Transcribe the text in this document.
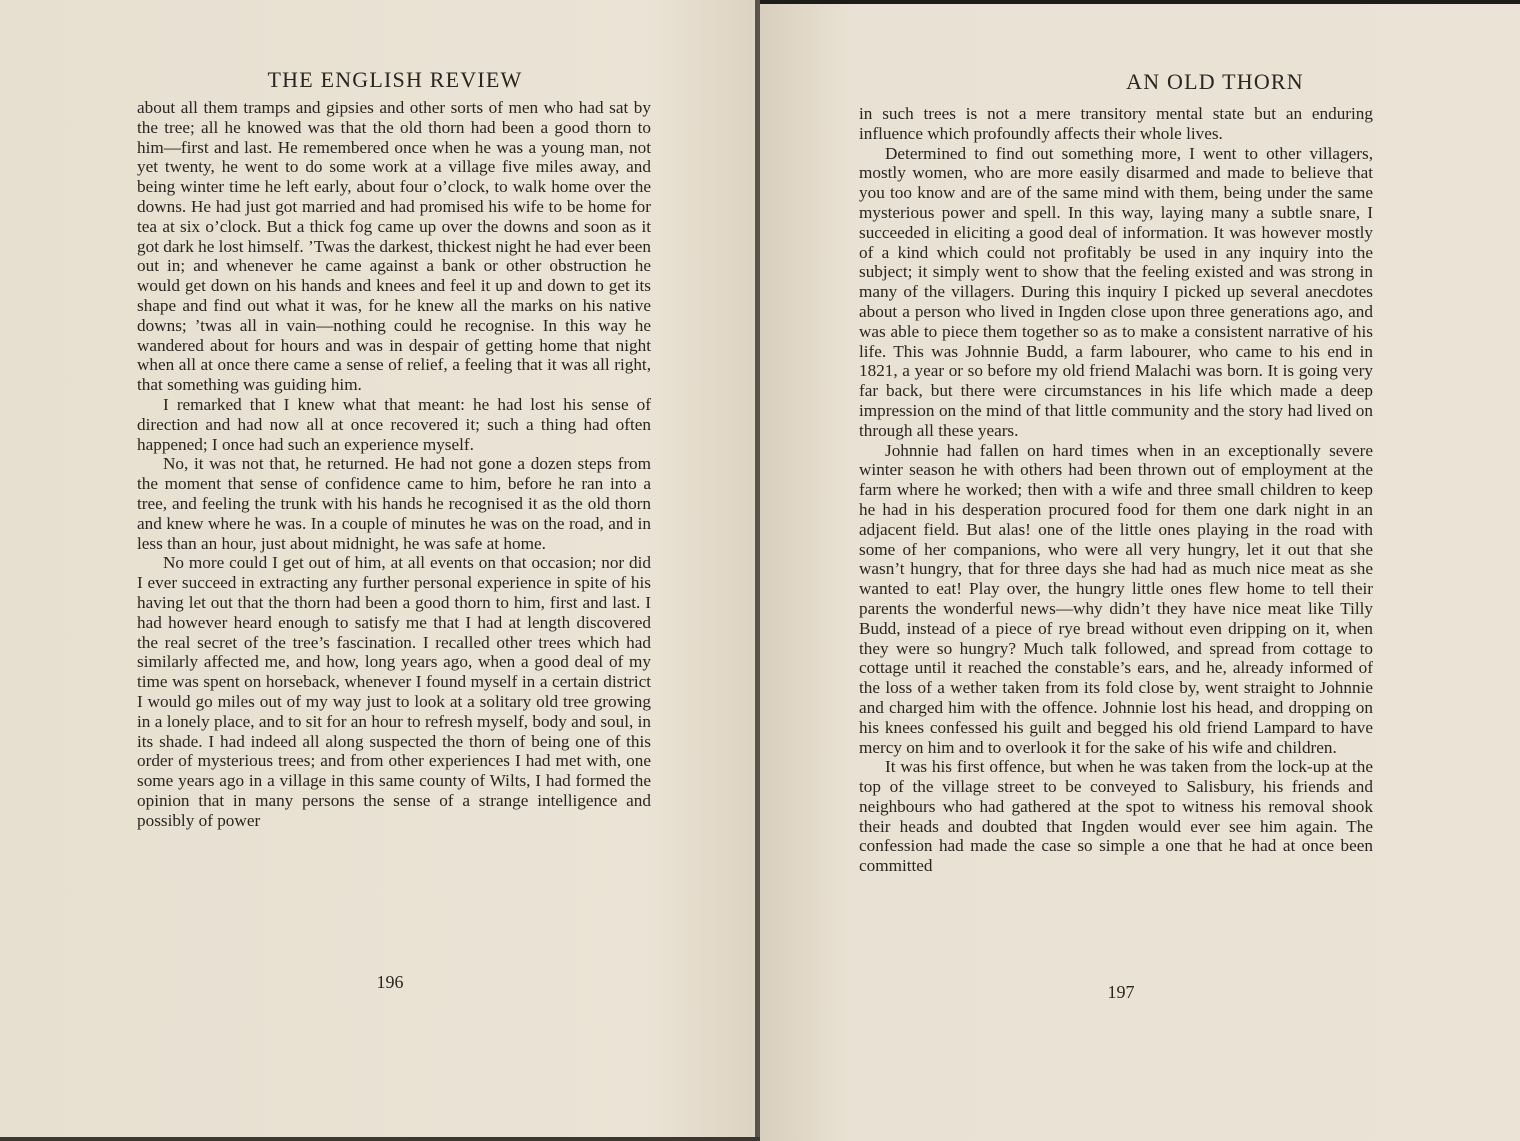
THE ENGLISH REVIEW

about all them tramps and gipsies and other sorts of men who had sat by the tree; all he knowed was that the old thorn had been a good thorn to him—first and last. He remembered once when he was a young man, not yet twenty, he went to do some work at a village five miles away, and being winter time he left early, about four o’clock, to walk home over the downs. He had just got married and had promised his wife to be home for tea at six o’clock. But a thick fog came up over the downs and soon as it got dark he lost himself. ’Twas the darkest, thickest night he had ever been out in; and whenever he came against a bank or other obstruction he would get down on his hands and knees and feel it up and down to get its shape and find out what it was, for he knew all the marks on his native downs; ’twas all in vain—nothing could he recognise. In this way he wandered about for hours and was in despair of getting home that night when all at once there came a sense of relief, a feeling that it was all right, that something was guiding him.

I remarked that I knew what that meant: he had lost his sense of direction and had now all at once recovered it; such a thing had often happened; I once had such an experience myself.

No, it was not that, he returned. He had not gone a dozen steps from the moment that sense of confidence came to him, before he ran into a tree, and feeling the trunk with his hands he recognised it as the old thorn and knew where he was. In a couple of minutes he was on the road, and in less than an hour, just about midnight, he was safe at home.

No more could I get out of him, at all events on that occasion; nor did I ever succeed in extracting any further personal experience in spite of his having let out that the thorn had been a good thorn to him, first and last. I had however heard enough to satisfy me that I had at length discovered the real secret of the tree’s fascination. I recalled other trees which had similarly affected me, and how, long years ago, when a good deal of my time was spent on horseback, whenever I found myself in a certain district I would go miles out of my way just to look at a solitary old tree growing in a lonely place, and to sit for an hour to refresh myself, body and soul, in its shade. I had indeed all along suspected the thorn of being one of this order of mysterious trees; and from other experiences I had met with, one some years ago in a village in this same county of Wilts, I had formed the opinion that in many persons the sense of a strange intelligence and possibly of power

196
AN OLD THORN

in such trees is not a mere transitory mental state but an enduring influence which profoundly affects their whole lives.

Determined to find out something more, I went to other villagers, mostly women, who are more easily disarmed and made to believe that you too know and are of the same mind with them, being under the same mysterious power and spell. In this way, laying many a subtle snare, I succeeded in eliciting a good deal of information. It was however mostly of a kind which could not profitably be used in any inquiry into the subject; it simply went to show that the feeling existed and was strong in many of the villagers. During this inquiry I picked up several anecdotes about a person who lived in Ingden close upon three generations ago, and was able to piece them together so as to make a consistent narrative of his life. This was Johnnie Budd, a farm labourer, who came to his end in 1821, a year or so before my old friend Malachi was born. It is going very far back, but there were circumstances in his life which made a deep impression on the mind of that little community and the story had lived on through all these years.

Johnnie had fallen on hard times when in an exceptionally severe winter season he with others had been thrown out of employment at the farm where he worked; then with a wife and three small children to keep he had in his desperation procured food for them one dark night in an adjacent field. But alas! one of the little ones playing in the road with some of her companions, who were all very hungry, let it out that she wasn’t hungry, that for three days she had had as much nice meat as she wanted to eat! Play over, the hungry little ones flew home to tell their parents the wonderful news—why didn’t they have nice meat like Tilly Budd, instead of a piece of rye bread without even dripping on it, when they were so hungry? Much talk followed, and spread from cottage to cottage until it reached the constable’s ears, and he, already informed of the loss of a wether taken from its fold close by, went straight to Johnnie and charged him with the offence. Johnnie lost his head, and dropping on his knees confessed his guilt and begged his old friend Lampard to have mercy on him and to overlook it for the sake of his wife and children.

It was his first offence, but when he was taken from the lock-up at the top of the village street to be conveyed to Salisbury, his friends and neighbours who had gathered at the spot to witness his removal shook their heads and doubted that Ingden would ever see him again. The confession had made the case so simple a one that he had at once been committed

197
